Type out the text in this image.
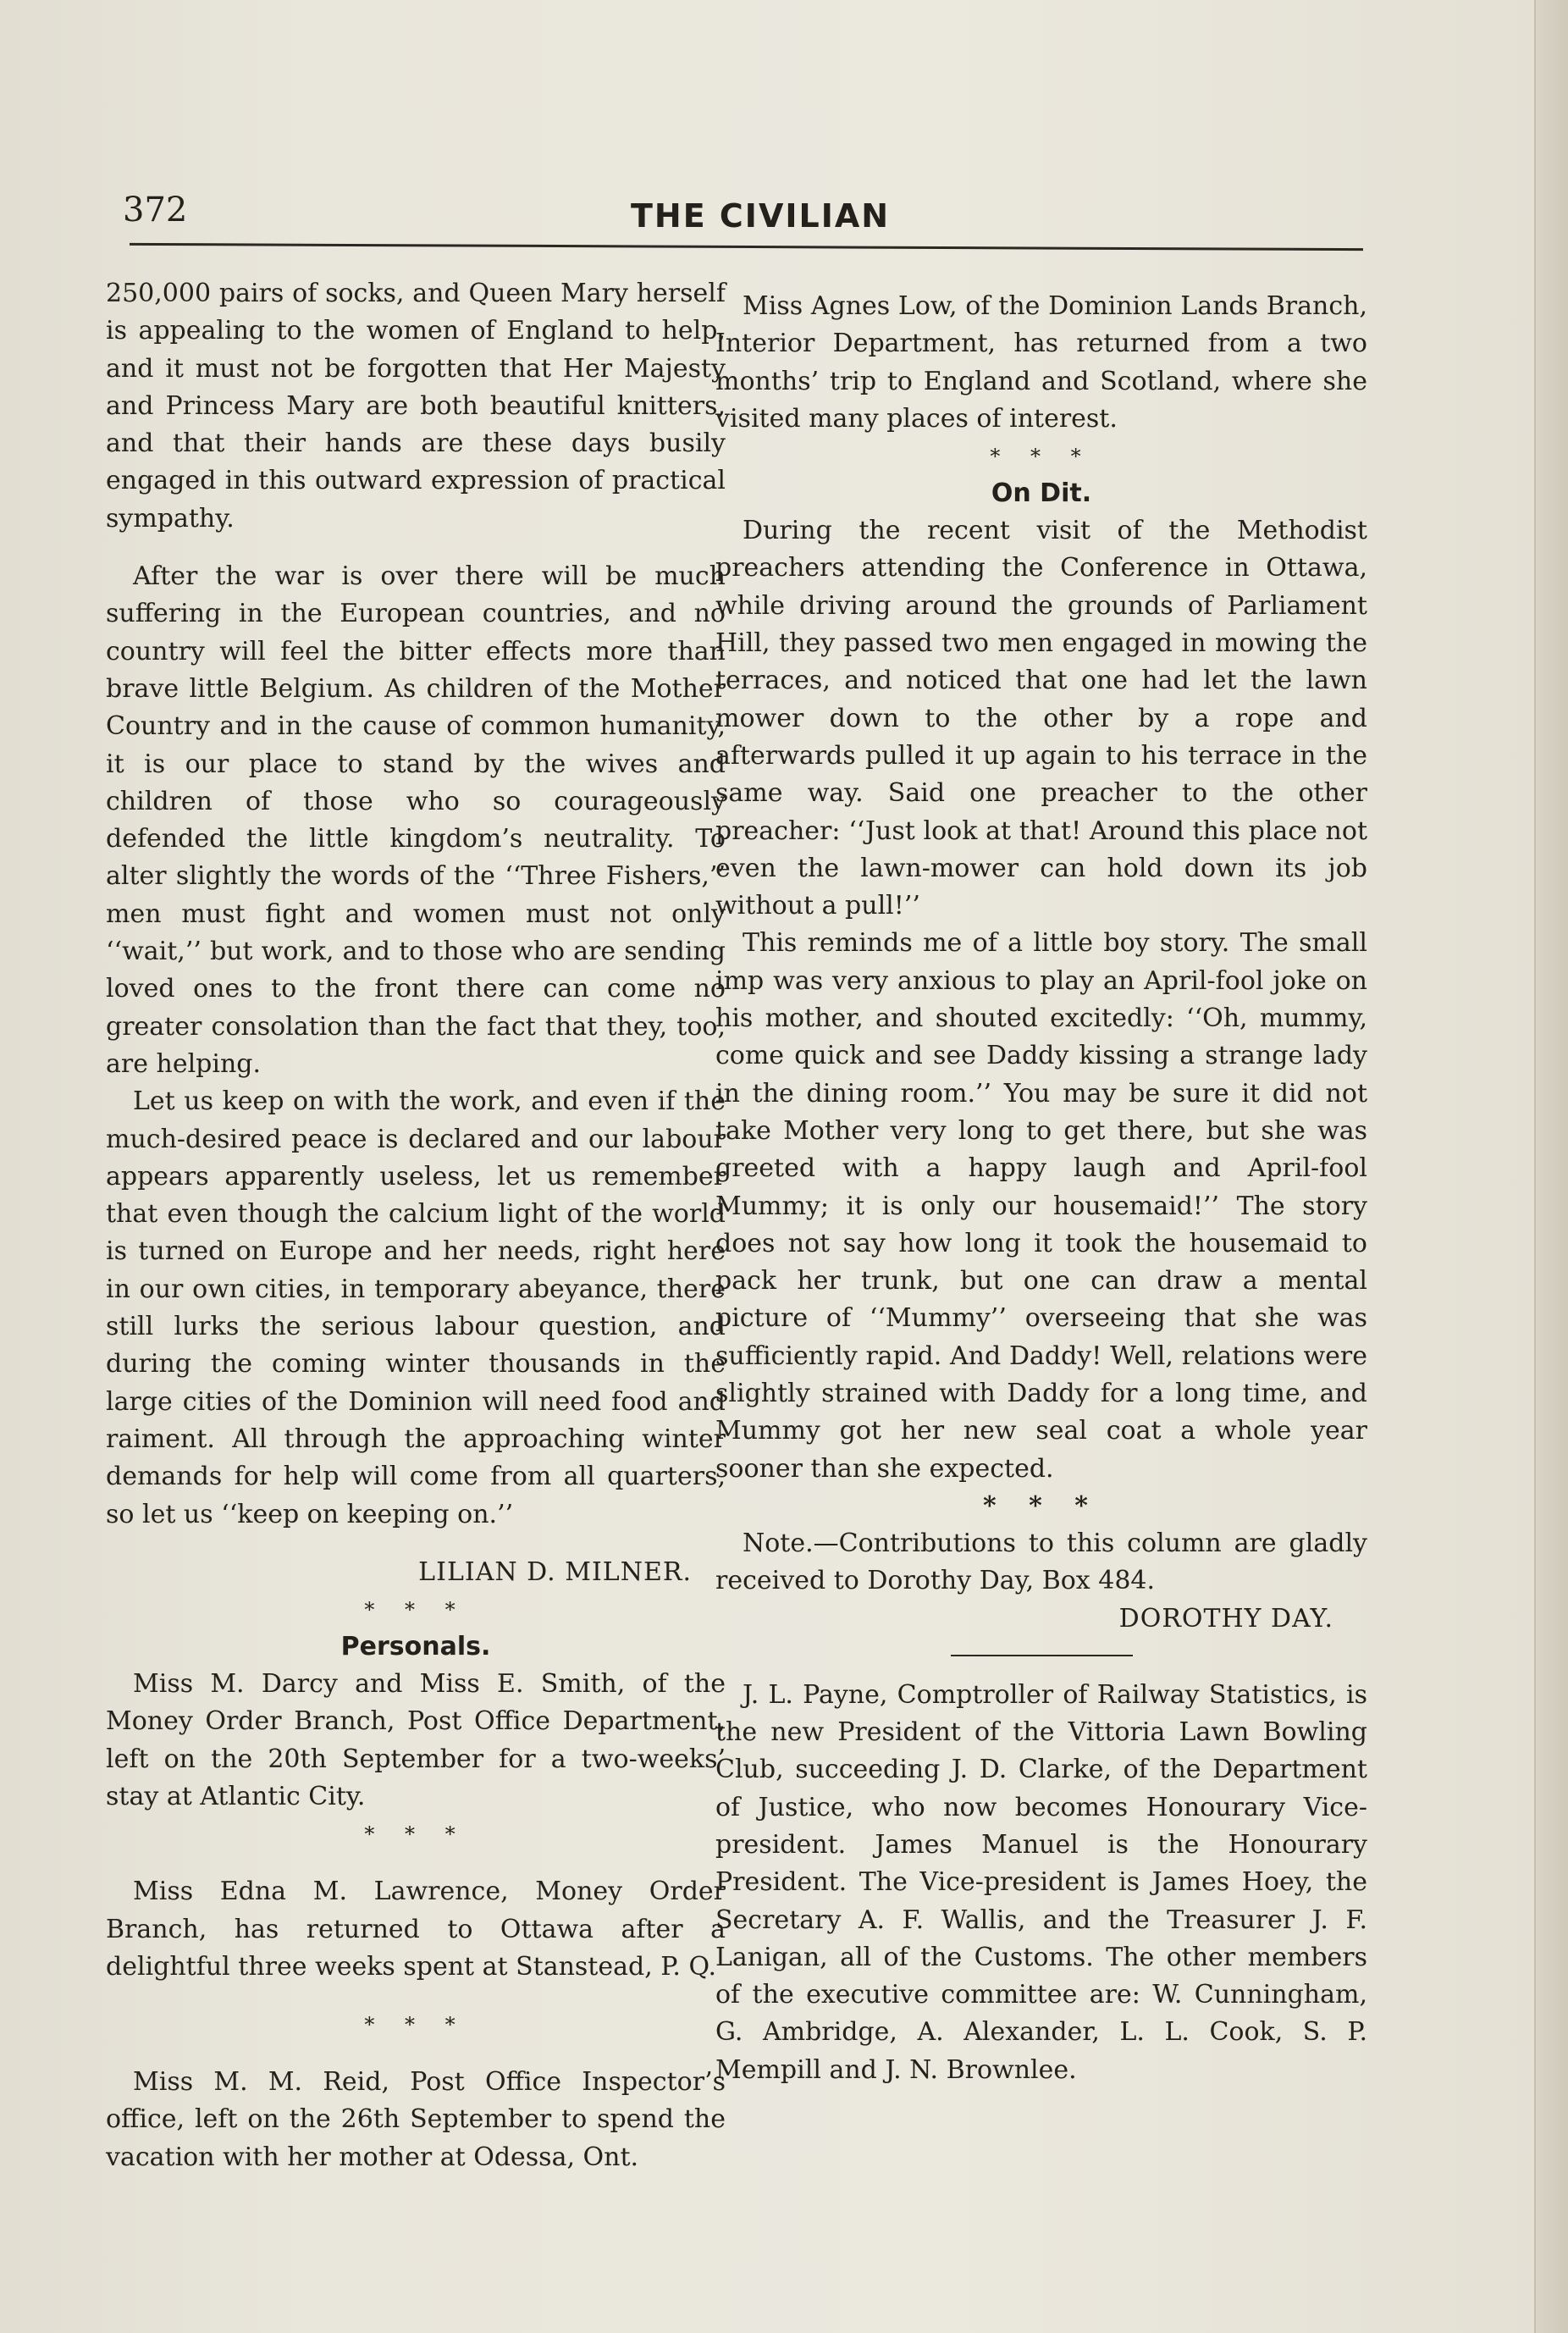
372	THE CIVILIAN

250,000 pairs of socks, and Queen Mary herself is appealing to the women of England to help, and it must not be forgotten that Her Majesty and Princess Mary are both beautiful knitters, and that their hands are these days busily engaged in this outward expression of practical sympathy.

After the war is over there will be much suffering in the European countries, and no country will feel the bitter effects more than brave little Belgium. As children of the Mother Country and in the cause of common humanity, it is our place to stand by the wives and children of those who so courageously defended the little kingdom’s neutrality. To alter slightly the words of the ‘‘Three Fishers,’’ men must fight and women must not only ‘‘wait,’’ but work, and to those who are sending loved ones to the front there can come no greater consolation than the fact that they, too, are helping.

Let us keep on with the work, and even if the much-desired peace is declared and our labour appears apparently useless, let us remember that even though the calcium light of the world is turned on Europe and her needs, right here in our own cities, in temporary abeyance, there still lurks the serious labour question, and during the coming winter thousands in the large cities of the Dominion will need food and raiment. All through the approaching winter demands for help will come from all quarters, so let us ‘‘keep on keeping on.’’

LILIAN D. MILNER.

* * *
Personals.

Miss M. Darcy and Miss E. Smith, of the Money Order Branch, Post Office Department, left on the 20th September for a two-weeks’ stay at Atlantic City.

* * *

Miss Edna M. Lawrence, Money Order Branch, has returned to Ottawa after a delightful three weeks spent at Stanstead, P. Q.

* * *

Miss M. M. Reid, Post Office Inspector’s office, left on the 26th September to spend the vacation with her mother at Odessa, Ont.

Miss Agnes Low, of the Dominion Lands Branch, Interior Department, has returned from a two months’ trip to England and Scotland, where she visited many places of interest.

* * *
On Dit.

During the recent visit of the Methodist preachers attending the Conference in Ottawa, while driving around the grounds of Parliament Hill, they passed two men engaged in mowing the terraces, and noticed that one had let the lawn mower down to the other by a rope and afterwards pulled it up again to his terrace in the same way. Said one preacher to the other preacher: ‘‘Just look at that! Around this place not even the lawn-mower can hold down its job without a pull!’’

This reminds me of a little boy story. The small imp was very anxious to play an April-fool joke on his mother, and shouted excitedly: ‘‘Oh, mummy, come quick and see Daddy kissing a strange lady in the dining room.’’ You may be sure it did not take Mother very long to get there, but she was greeted with a happy laugh and April-fool Mummy; it is only our housemaid!’’ The story does not say how long it took the housemaid to pack her trunk, but one can draw a mental picture of ‘‘Mummy’’ overseeing that she was sufficiently rapid. And Daddy! Well, relations were slightly strained with Daddy for a long time, and Mummy got her new seal coat a whole year sooner than she expected.

* * *

Note.—Contributions to this column are gladly received to Dorothy Day, Box 484.

DOROTHY DAY.

J. L. Payne, Comptroller of Railway Statistics, is the new President of the Vittoria Lawn Bowling Club, succeeding J. D. Clarke, of the Department of Justice, who now becomes Honourary Vice-president. James Manuel is the Honourary President. The Vice-president is James Hoey, the Secretary A. F. Wallis, and the Treasurer J. F. Lanigan, all of the Customs. The other members of the executive committee are: W. Cunningham, G. Ambridge, A. Alexander, L. L. Cook, S. P. Mempill and J. N. Brownlee.
